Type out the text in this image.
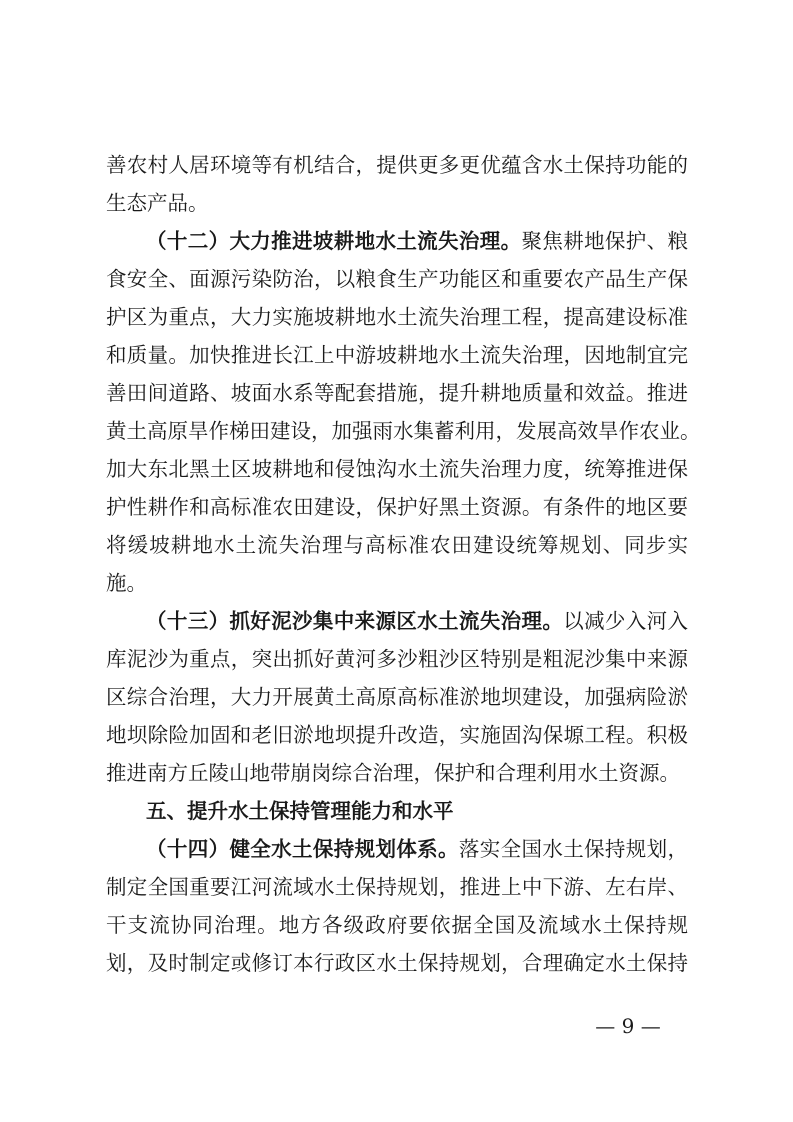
善农村人居环境等有机结合，提供更多更优蕴含水土保持功能的
生态产品。
（十二）大力推进坡耕地水土流失治理。聚焦耕地保护、粮
食安全、面源污染防治，以粮食生产功能区和重要农产品生产保
护区为重点，大力实施坡耕地水土流失治理工程，提高建设标准
和质量。加快推进长江上中游坡耕地水土流失治理，因地制宜完
善田间道路、坡面水系等配套措施，提升耕地质量和效益。推进
黄土高原旱作梯田建设，加强雨水集蓄利用，发展高效旱作农业。
加大东北黑土区坡耕地和侵蚀沟水土流失治理力度，统筹推进保
护性耕作和高标准农田建设，保护好黑土资源。有条件的地区要
将缓坡耕地水土流失治理与高标准农田建设统筹规划、同步实
施。
（十三）抓好泥沙集中来源区水土流失治理。以减少入河入
库泥沙为重点，突出抓好黄河多沙粗沙区特别是粗泥沙集中来源
区综合治理，大力开展黄土高原高标准淤地坝建设，加强病险淤
地坝除险加固和老旧淤地坝提升改造，实施固沟保塬工程。积极
推进南方丘陵山地带崩岗综合治理，保护和合理利用水土资源。
五、提升水土保持管理能力和水平
（十四）健全水土保持规划体系。落实全国水土保持规划，
制定全国重要江河流域水土保持规划，推进上中下游、左右岸、
干支流协同治理。地方各级政府要依据全国及流域水土保持规
划，及时制定或修订本行政区水土保持规划，合理确定水土保持
— 9 —
